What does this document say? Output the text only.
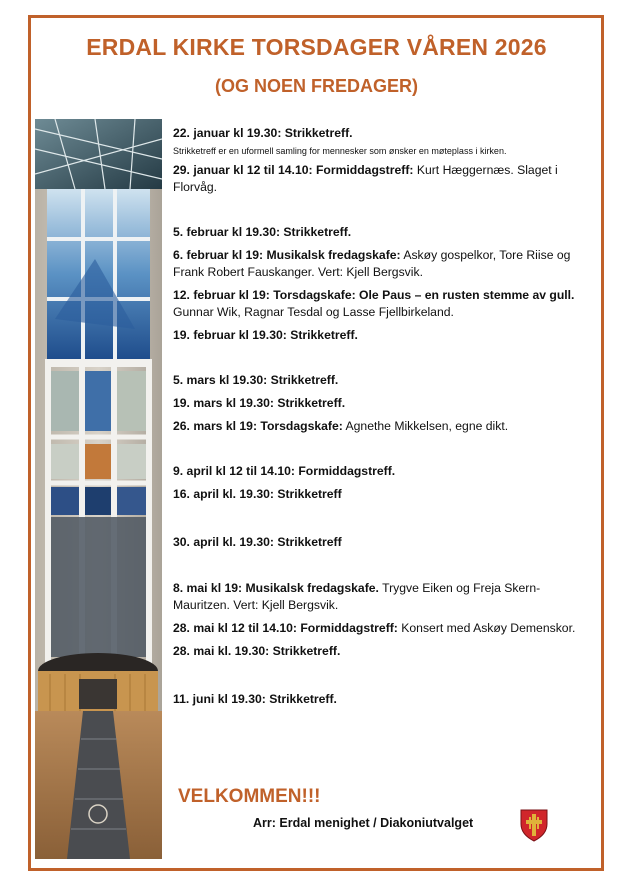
ERDAL KIRKE TORSDAGER VÅREN 2026
(OG NOEN FREDAGER)

22. januar kl 19.30: Strikketreff.

Strikketreff er en uformell samling for mennesker som ønsker en møteplass i kirken.

29. januar kl 12 til 14.10: Formiddagstreff: Kurt Hæggernæs. Slaget i Florvåg.

5. februar kl 19.30: Strikketreff.

6. februar kl 19: Musikalsk fredagskafe: Askøy gospelkor, Tore Riise og Frank Robert Fauskanger. Vert: Kjell Bergsvik.

12. februar kl 19: Torsdagskafe: Ole Paus – en rusten stemme av gull. Gunnar Wik, Ragnar Tesdal og Lasse Fjellbirkeland.

19. februar kl 19.30: Strikketreff.

5. mars kl 19.30: Strikketreff.

19. mars kl 19.30: Strikketreff.

26. mars kl 19: Torsdagskafe: Agnethe Mikkelsen, egne dikt.

9. april kl 12 til 14.10: Formiddagstreff.

16. april kl. 19.30: Strikketreff

30. april kl. 19.30: Strikketreff

8. mai kl 19: Musikalsk fredagskafe. Trygve Eiken og Freja Skern-Mauritzen. Vert: Kjell Bergsvik.

28. mai kl 12 til 14.10: Formiddagstreff: Konsert med Askøy Demenskor.

28. mai kl. 19.30: Strikketreff.

11. juni kl 19.30: Strikketreff.

VELKOMMEN!!!
Arr: Erdal menighet / Diakoniutvalget
